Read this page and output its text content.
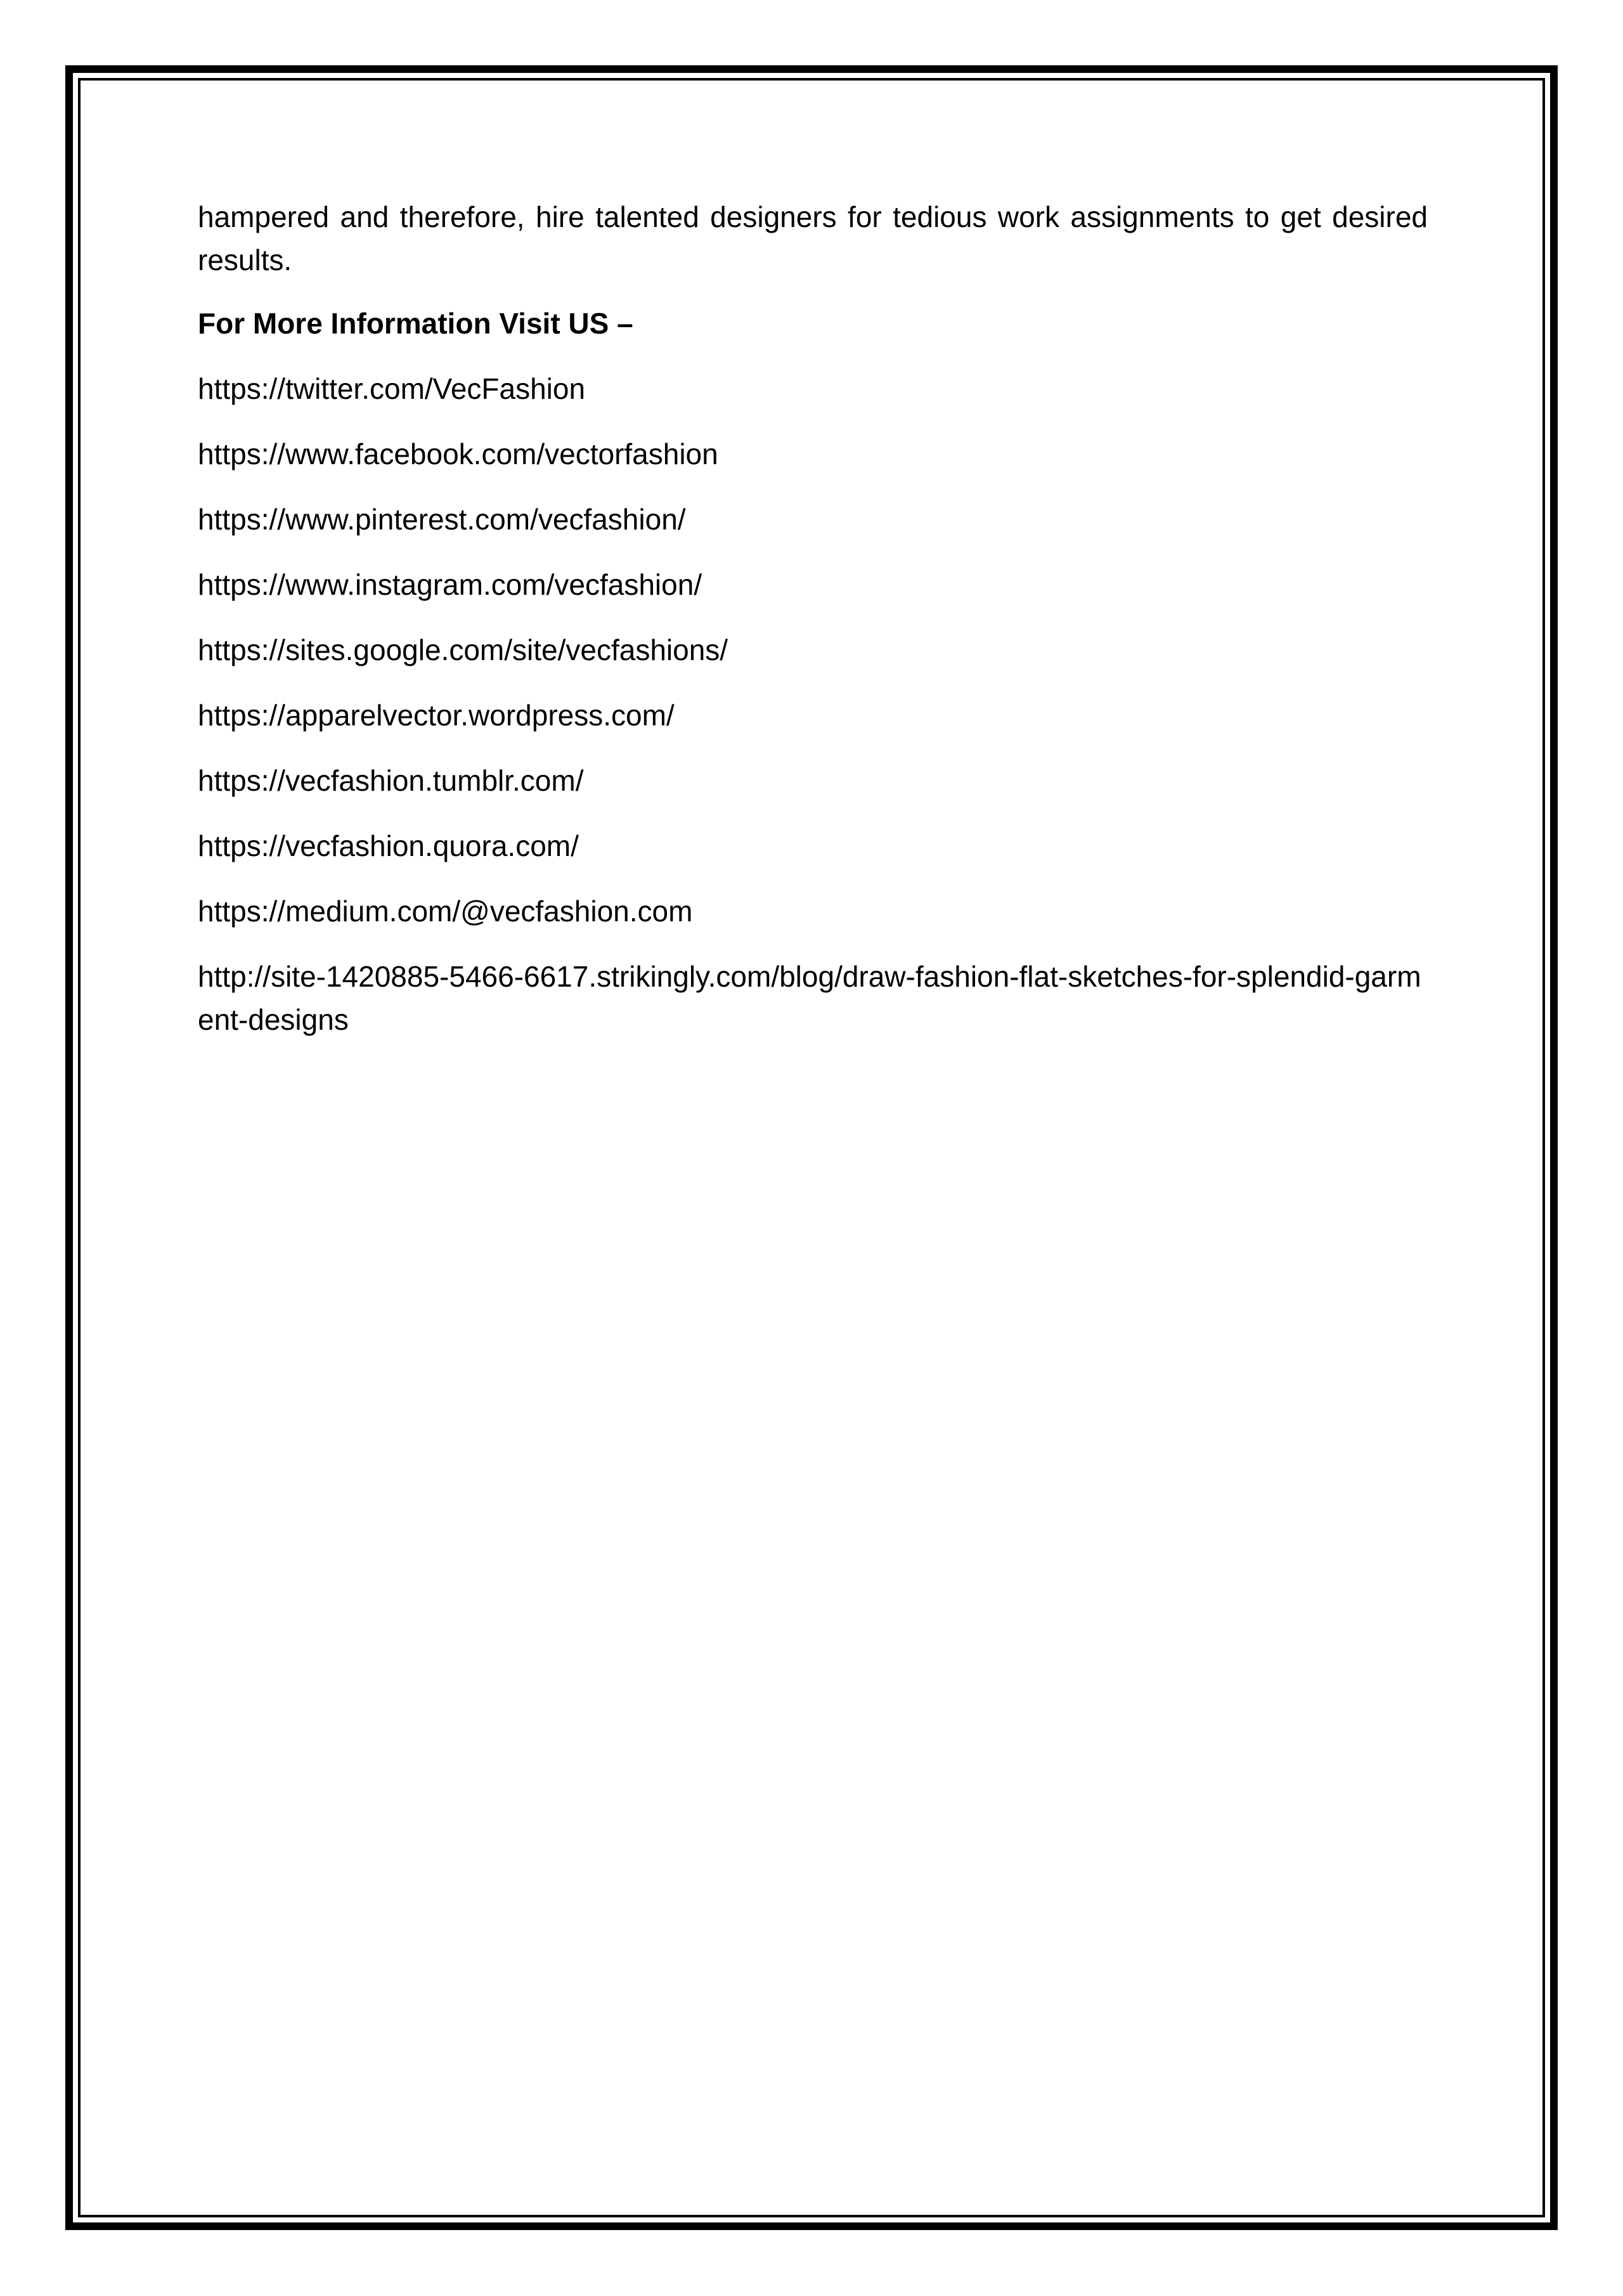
hampered and therefore, hire talented designers for tedious work assignments to get desired results.

For More Information Visit US –

https://twitter.com/VecFashion
https://www.facebook.com/vectorfashion
https://www.pinterest.com/vecfashion/
https://www.instagram.com/vecfashion/
https://sites.google.com/site/vecfashions/
https://apparelvector.wordpress.com/
https://vecfashion.tumblr.com/
https://vecfashion.quora.com/
https://medium.com/@vecfashion.com
http://site-1420885-5466-6617.strikingly.com/blog/draw-fashion-flat-sketches-for-splendid-garment-designs
